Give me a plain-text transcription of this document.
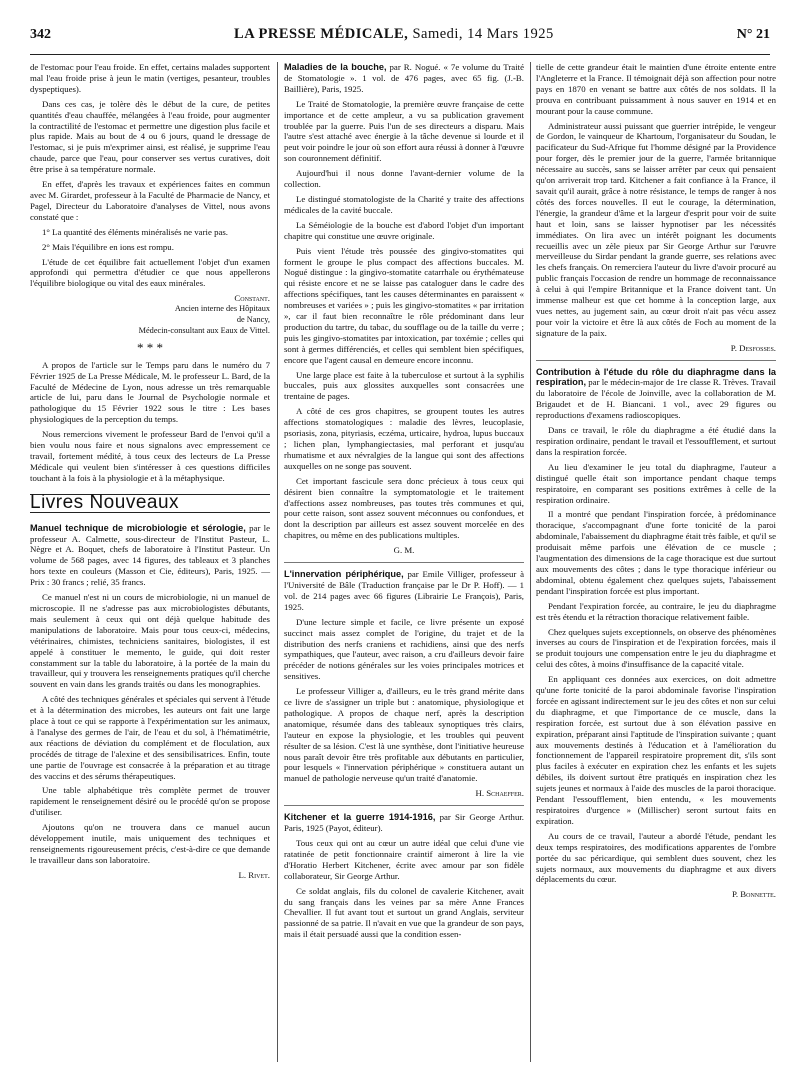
342	LA PRESSE MÉDICALE, Samedi, 14 Mars 1925	N° 21

de l'estomac pour l'eau froide. En effet, certains malades supportent mal l'eau froide prise à jeun le matin (vertiges, pesanteur, troubles dyspeptiques).

Dans ces cas, je tolère dès le début de la cure, de petites quantités d'eau chauffée, mélangées à l'eau froide, pour augmenter la contractilité de l'estomac et permettre une digestion plus facile et plus rapide. Mais au bout de 4 ou 6 jours, quand le dressage de l'estomac, si je puis m'exprimer ainsi, est réalisé, je supprime l'eau chaude, parce que l'eau, pour conserver ses vertus curatives, doit être prise à sa température normale.

En effet, d'après les travaux et expériences faites en commun avec M. Girardet, professeur à la Faculté de Pharmacie de Nancy, et Pagel, Directeur du Laboratoire d'analyses de Vittel, nous avons constaté que :

1° La quantité des éléments minéralisés ne varie pas.

2° Mais l'équilibre en ions est rompu.

L'étude de cet équilibre fait actuellement l'objet d'un examen approfondi qui permettra d'étudier ce que nous appellerons l'équilibre biologique ou vital des eaux minérales.

Constant.
Ancien interne des Hôpitaux
de Nancy,
Médecin-consultant aux Eaux de Vittel.
* * *

A propos de l'article sur le Temps paru dans le numéro du 7 Février 1925 de La Presse Médicale, M. le professeur L. Bard, de la Faculté de Médecine de Lyon, nous adresse un très remarquable article de lui, paru dans le Journal de Psychologie normale et pathologique du 15 Février 1922 sous le titre : Les bases physiologiques de la perception du temps.

Nous remercions vivement le professeur Bard de l'envoi qu'il a bien voulu nous faire et nous signalons avec empressement ce travail, fortement médité, à tous ceux des lecteurs de La Presse Médicale qui veulent bien s'intéresser à ces questions difficiles touchant à la fois à la physiologie et à la métaphysique.

Livres Nouveaux

Manuel technique de microbiologie et sérologie, par le professeur A. Calmette, sous-directeur de l'Institut Pasteur, L. Nègre et A. Boquet, chefs de laboratoire à l'Institut Pasteur. Un volume de 568 pages, avec 14 figures, des tableaux et 3 planches hors texte en couleurs (Masson et Cie, éditeurs), Paris, 1925. — Prix : 30 francs ; relié, 35 francs.

Ce manuel n'est ni un cours de microbiologie, ni un manuel de microscopie. Il ne s'adresse pas aux microbiologistes débutants, mais seulement à ceux qui ont déjà quelque habitude des manipulations de laboratoire. Mais pour tous ceux-ci, médecins, vétérinaires, chimistes, techniciens sanitaires, biologistes, il est appelé à constituer le memento, le guide, qui doit rester constamment sur la table du laboratoire, à la portée de la main du travailleur, qui y trouvera les renseignements pratiques qu'il cherche souvent en vain dans les grands traités ou dans les monographies.

A côté des techniques générales et spéciales qui servent à l'étude et à la détermination des microbes, les auteurs ont fait une large place à tout ce qui se rapporte à l'expérimentation sur les animaux, à l'analyse des germes de l'air, de l'eau et du sol, à l'hématimétrie, aux réactions de déviation du complément et de floculation, aux procédés de titrage de l'alexine et des sensibilisatrices. Enfin, toute une partie de l'ouvrage est consacrée à la préparation et au titrage des vaccins et des sérums thérapeutiques.

Une table alphabétique très complète permet de trouver rapidement le renseignement désiré ou le procédé qu'on se propose d'utiliser.

Ajoutons qu'on ne trouvera dans ce manuel aucun développement inutile, mais uniquement des techniques et renseignements rigoureusement précis, c'est-à-dire ce que demande le travailleur dans son laboratoire.

L. Rivet.

Maladies de la bouche, par R. Nogué. « 7e volume du Traité de Stomatologie ». 1 vol. de 476 pages, avec 65 fig. (J.-B. Baillière), Paris, 1925.

Le Traité de Stomatologie, la première œuvre française de cette importance et de cette ampleur, a vu sa publication gravement troublée par la guerre. Puis l'un de ses directeurs a disparu. Mais l'autre s'est attaché avec énergie à la tâche devenue si lourde et il peut voir poindre le jour où son effort aura réussi à donner à l'œuvre son couronnement définitif.

Aujourd'hui il nous donne l'avant-dernier volume de la collection.

Le distingué stomatologiste de la Charité y traite des affections médicales de la cavité buccale.

La Séméiologie de la bouche est d'abord l'objet d'un important chapitre qui constitue une œuvre originale.

Puis vient l'étude très poussée des gingivo-stomatites qui forment le groupe le plus compact des affections buccales. M. Nogué distingue : la gingivo-stomatite catarrhale ou érythémateuse qui résiste encore et ne se laisse pas cataloguer dans le cadre des affections spécifiques, tant les causes déterminantes en paraissent « nombreuses et variées » ; puis les gingivo-stomatites « par irritation », car il faut bien reconnaître le rôle prédominant dans leur production du tartre, du tabac, du soufflage ou de la taille du verre ; puis les gingivo-stomatites par intoxication, par toxémie ; celles qui sont à germes différenciés, et celles qui semblent bien spécifiques, encore que l'agent causal en demeure encore inconnu.

Une large place est faite à la tuberculose et surtout à la syphilis buccales, puis aux glossites auxquelles sont consacrées une trentaine de pages.

A côté de ces gros chapitres, se groupent toutes les autres affections stomatologiques : maladie des lèvres, leucoplasie, psoriasis, zona, pityriasis, eczéma, urticaire, hydroa, lupus buccaux ; lichen plan, lymphangiectasies, mal perforant et jusqu'au rhumatisme et aux névralgies de la langue qui sont des affections auxquelles on ne songe pas souvent.

Cet important fascicule sera donc précieux à tous ceux qui désirent bien connaître la symptomatologie et le traitement d'affections assez nombreuses, pas toutes très communes et qui, pour cette raison, sont assez souvent méconnues ou confondues, et dont la description par ailleurs est assez souvent morcelée en des chapitres, ou même en des publications multiples.

G. M.

L'innervation périphérique, par Emile Villiger, professeur à l'Université de Bâle (Traduction française par le Dr P. Hoff). — 1 vol. de 214 pages avec 66 figures (Librairie Le François), Paris, 1925.

D'une lecture simple et facile, ce livre présente un exposé succinct mais assez complet de l'origine, du trajet et de la distribution des nerfs craniens et rachidiens, ainsi que des nerfs sympathiques, que l'auteur, avec raison, a cru d'ailleurs devoir faire précéder de notions générales sur les voies principales motrices et sensitives.

Le professeur Villiger a, d'ailleurs, eu le très grand mérite dans ce livre de s'assigner un triple but : anatomique, physiologique et pathologique. A propos de chaque nerf, après la description anatomique, résumée dans des tableaux synoptiques très clairs, l'auteur en expose la physiologie, et les troubles qui peuvent résulter de sa lésion. C'est là une synthèse, dont l'initiative heureuse nous paraît devoir être très profitable aux débutants en particulier, pour lesquels « l'innervation périphérique » constituera autant un manuel de pathologie nerveuse qu'un traité d'anatomie.

H. Schaeffer.

Kitchener et la guerre 1914-1916, par Sir George Arthur. Paris, 1925 (Payot, éditeur).

Tous ceux qui ont au cœur un autre idéal que celui d'une vie ratatinée de petit fonctionnaire craintif aimeront à lire la vie d'Horatio Herbert Kitchener, écrite avec amour par son fidèle collaborateur, Sir George Arthur.

Ce soldat anglais, fils du colonel de cavalerie Kitchener, avait du sang français dans les veines par sa mère Anne Frances Chevallier. Il fut avant tout et surtout un grand Anglais, serviteur passionné de sa patrie. Il n'avait en vue que la grandeur de son pays, mais il était persuadé aussi que la condition essen-

tielle de cette grandeur était le maintien d'une étroite entente entre l'Angleterre et la France. Il témoignait déjà son affection pour notre pays en 1870 en venant se battre aux côtés de nos soldats. Il la prouva en contribuant puissamment à nous sauver en 1914 et en mourant pour la cause commune.

Administrateur aussi puissant que guerrier intrépide, le vengeur de Gordon, le vainqueur de Khartoum, l'organisateur du Soudan, le pacificateur du Sud-Afrique fut l'homme désigné par la Providence pour forger, dès le premier jour de la guerre, l'armée britannique nécessaire au succès, sans se laisser arrêter par ceux qui pensaient qu'on arriverait trop tard. Kitchener a fait confiance à la France, il savait qu'il aurait, grâce à notre résistance, le temps de ranger à nos côtés des forces nouvelles. Il eut le courage, la détermination, l'énergie, la grandeur d'âme et la largeur d'esprit pour voir de suite haut et loin, sans se laisser hypnotiser par les nécessités immédiates. On lira avec un intérêt poignant les documents recueillis avec un zèle pieux par Sir George Arthur sur l'œuvre merveilleuse du Sirdar pendant la grande guerre, ses relations avec les chefs français. On remerciera l'auteur du livre d'avoir procuré au public français l'occasion de rendre un hommage de reconnaissance à celui à qui l'empire Britannique et la France doivent tant. Un immense malheur est que cet homme à la conception large, aux vues nettes, au jugement sain, au cœur droit n'ait pas vécu assez pour voir la victoire et être là aux côtés de Foch au moment de la signature de la paix.

P. Desfosses.

Contribution à l'étude du rôle du diaphragme dans la respiration, par le médecin-major de 1re classe R. Trèves. Travail du laboratoire de l'école de Joinville, avec la collaboration de M. Brigaudet et de H. Biancani. 1 vol., avec 29 figures ou reproductions d'examens radioscopiques.

Dans ce travail, le rôle du diaphragme a été étudié dans la respiration ordinaire, pendant le travail et l'essoufflement, et surtout dans la respiration forcée.

Au lieu d'examiner le jeu total du diaphragme, l'auteur a distingué quelle était son importance pendant chaque temps respiratoire, en comparant ses positions extrêmes à celle de la respiration ordinaire.

Il a montré que pendant l'inspiration forcée, à prédominance thoracique, s'accompagnant d'une forte tonicité de la paroi abdominale, l'abaissement du diaphragme était très faible, et qu'il se produisait même parfois une élévation de ce muscle ; l'augmentation des dimensions de la cage thoracique est due surtout aux mouvements des côtes ; dans le type thoracique inférieur ou abdominal, obtenu également chez quelques sujets, l'abaissement pendant l'inspiration forcée est plus important.

Pendant l'expiration forcée, au contraire, le jeu du diaphragme est très étendu et la rétraction thoracique relativement faible.

Chez quelques sujets exceptionnels, on observe des phénomènes inverses au cours de l'inspiration et de l'expiration forcées, mais il se produit toujours une compensation entre le jeu du diaphragme et celui des côtes, à moins d'insuffisance de la capacité vitale.

En appliquant ces données aux exercices, on doit admettre qu'une forte tonicité de la paroi abdominale favorise l'inspiration forcée en agissant indirectement sur le jeu des côtes et non sur celui du diaphragme, et que l'importance de ce muscle, dans la respiration forcée, est surtout due à son élévation passive en expiration, préparant ainsi l'aptitude de l'inspiration suivante ; quant aux mouvements destinés à l'éducation et à l'amélioration du fonctionnement de l'appareil respiratoire proprement dit, s'ils sont plus faciles à exécuter en expiration chez les enfants et les sujets débiles, ils doivent surtout être pratiqués en inspiration chez les sujets jeunes et normaux à l'aide des muscles de la paroi thoracique. Pendant l'essoufflement, bien entendu, « les mouvements respiratoires d'urgence » (Millischer) seront surtout faits en expiration.

Au cours de ce travail, l'auteur a abordé l'étude, pendant les deux temps respiratoires, des modifications apparentes de l'ombre portée du sac péricardique, qui semblent dues souvent, chez les sujets normaux, aux mouvements du diaphragme et aux divers déplacements du cœur.

P. Bonnette.
